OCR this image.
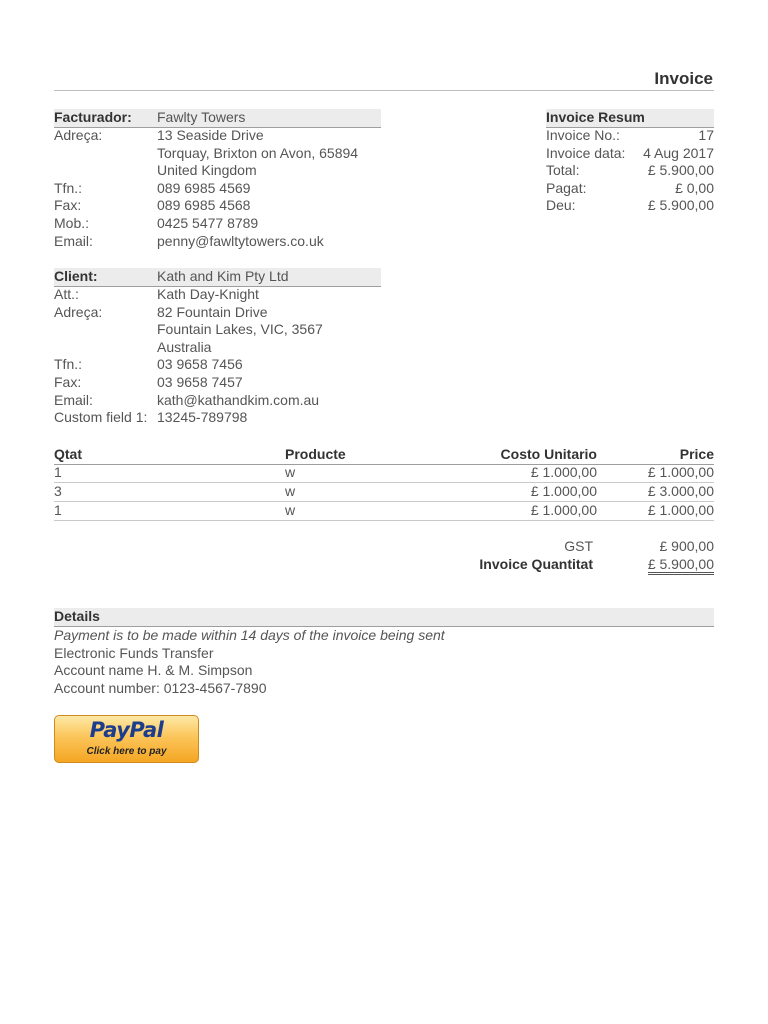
Invoice
Facturador: Fawlty Towers
Adreça:	13 Seaside Drive
Torquay, Brixton on Avon, 65894
United Kingdom
Tfn.:	089 6985 4569
Fax:	089 6985 4568
Mob.:	0425 5477 8789
Email:	penny@fawltytowers.co.uk
Client:	Kath and Kim Pty Ltd
Att.:	Kath Day-Knight
Adreça:	82 Fountain Drive
Fountain Lakes, VIC, 3567
Australia
Tfn.:	03 9658 7456
Fax:	03 9658 7457
Email:	kath@kathandkim.com.au
Custom field 1: 13245-789798
Invoice Resum
Invoice No.:	17
Invoice data: 4 Aug 2017
Total:	£ 5.900,00
Pagat:	£ 0,00
Deu:	£ 5.900,00
Qtat	Producte	Costo Unitario	Price
1	w	£ 1.000,00	£ 1.000,00
3	w	£ 1.000,00	£ 3.000,00
1	w	£ 1.000,00	£ 1.000,00
GST	£ 900,00
Invoice Quantitat	£ 5.900,00
Details
Payment is to be made within 14 days of the invoice being sent
Electronic Funds Transfer
Account name H. & M. Simpson
Account number: 0123-4567-7890
PayPal
Click here to pay
